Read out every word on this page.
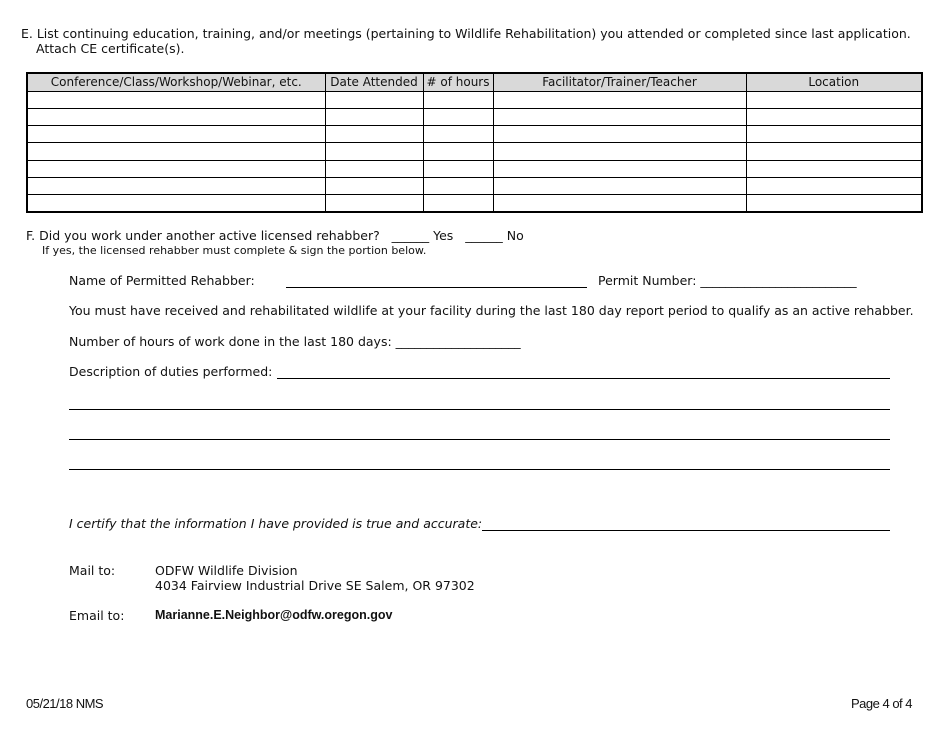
E. List continuing education, training, and/or meetings (pertaining to Wildlife Rehabilitation) you attended or completed since last application.
Attach CE certificate(s).
Conference/Class/Workshop/Webinar, etc.	Date Attended	# of hours	Facilitator/Trainer/Teacher	Location

F. Did you work under another active licensed rehabber? ______ Yes ______ No
If yes, the licensed rehabber must complete & sign the portion below.
Name of Permitted Rehabber:	Permit Number: _________________________
You must have received and rehabilitated wildlife at your facility during the last 180 day report period to qualify as an active rehabber.
Number of hours of work done in the last 180 days: ____________________
Description of duties performed:
I certify that the information I have provided is true and accurate:
Mail to:	ODFW Wildlife Division
4034 Fairview Industrial Drive SE Salem, OR 97302
Email to: Marianne.E.Neighbor@odfw.oregon.gov
05/21/18 NMS	Page 4 of 4
